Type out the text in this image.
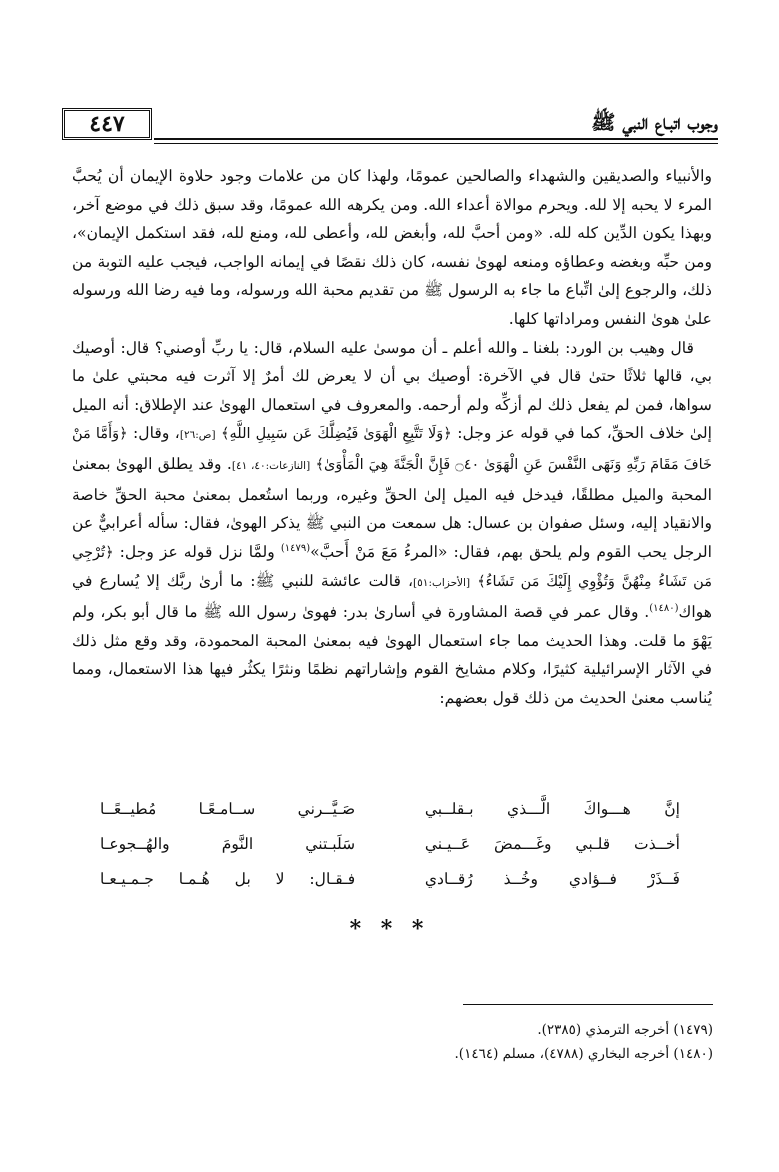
٤٤٧	وجوب اتبـاع النبي ﷺ

والأنبياء والصديقين والشهداء والصالحين عمومًا، ولهذا كان من علامات وجود حلاوة الإيمان أن يُحبَّ المرء لا يحبه إلا لله. ويحرم موالاة أعداء الله. ومن يكرهه الله عمومًا، وقد سبق ذلك في موضع آخر، وبهذا يكون الدِّين كله لله. «ومن أحبَّ لله، وأبغض لله، وأعطى لله، ومنع لله، فقد استكمل الإيمان»، ومن حبِّه وبغضه وعطاؤه ومنعه لهوىٰ نفسه، كان ذلك نقصًا في إيمانه الواجب، فيجب عليه التوبة من ذلك، والرجوع إلىٰ اتِّباع ما جاء به الرسول ﷺ من تقديم محبة الله ورسوله، وما فيه رضا الله ورسوله علىٰ هوىٰ النفس ومراداتها كلها.

قال وهيب بن الورد: بلغنا ـ والله أعلم ـ أن موسىٰ عليه السلام، قال: يا ربِّ أوصني؟ قال: أوصيك بي، قالها ثلاثًا حتىٰ قال في الآخرة: أوصيك بي أن لا يعرض لك أمرٌ إلا آثرت فيه محبتي علىٰ ما سواها، فمن لم يفعل ذلك لم أزكِّه ولم أرحمه. والمعروف في استعمال الهوىٰ عند الإطلاق: أنه الميل إلىٰ خلاف الحقِّ، كما في قوله عز وجل: ﴿وَلَا تَتَّبِعِ الْهَوَىٰ فَيُضِلَّكَ عَن سَبِيلِ اللَّهِ﴾ [ص:٢٦]، وقال: ﴿وَأَمَّا مَنْ خَافَ مَقَامَ رَبِّهِ وَنَهَى النَّفْسَ عَنِ الْهَوَىٰ ۝٤٠ فَإِنَّ الْجَنَّةَ هِيَ الْمَأْوَىٰ﴾ [النازعات:٤٠، ٤١]. وقد يطلق الهوىٰ بمعنىٰ المحبة والميل مطلقًا، فيدخل فيه الميل إلىٰ الحقِّ وغيره، وربما استُعمل بمعنىٰ محبة الحقِّ خاصة والانقياد إليه، وسئل صفوان بن عسال: هل سمعت من النبي ﷺ يذكر الهوىٰ، فقال: سأله أعرابيٌّ عن الرجل يحب القوم ولم يلحق بهم، فقال: «المرءُ مَعَ مَنْ أَحبَّ»$^{(١٤٧٩)}$ ولمَّا نزل قوله عز وجل: ﴿تُرْجِي مَن تَشَاءُ مِنْهُنَّ وَتُؤْوِي إِلَيْكَ مَن تَشَاءُ﴾ [الأحزاب:٥١]، قالت عائشة للنبي ﷺ: ما أرىٰ ربَّك إلا يُسارع في هواك$^{(١٤٨٠)}$. وقال عمر في قصة المشاورة في أسارىٰ بدر: فهوىٰ رسول الله ﷺ ما قال أبو بكر، ولم يَهْوَ ما قلت. وهذا الحديث مما جاء استعمال الهوىٰ فيه بمعنىٰ المحبة المحمودة، وقد وقع مثل ذلك في الآثار الإسرائيلية كثيرًا، وكلام مشايخ القوم وإشاراتهم نظمًا ونثرًا يكثُر فيها هذا الاستعمال، ومما يُناسب معنىٰ الحديث من ذلك قول بعضهم:

إنَّ هـــواكَ الَّـــذي بـقلــبي
صَـيَّــرني ســامـعًـا مُطيــعًــا
أخــذت قلـبي وغَـــمضَ عَــيـني
سَلَبـتني النَّومَ والهُــجوعـا
فَــذَرْ فــؤادي وخُــذ رُقــادي
فـقـال: لا بل هُـمـا جـمـيـعـا
* * *
(١٤٧٩) أخرجه الترمذي (٢٣٨٥).
(١٤٨٠) أخرجه البخاري (٤٧٨٨)، مسلم (١٤٦٤).
